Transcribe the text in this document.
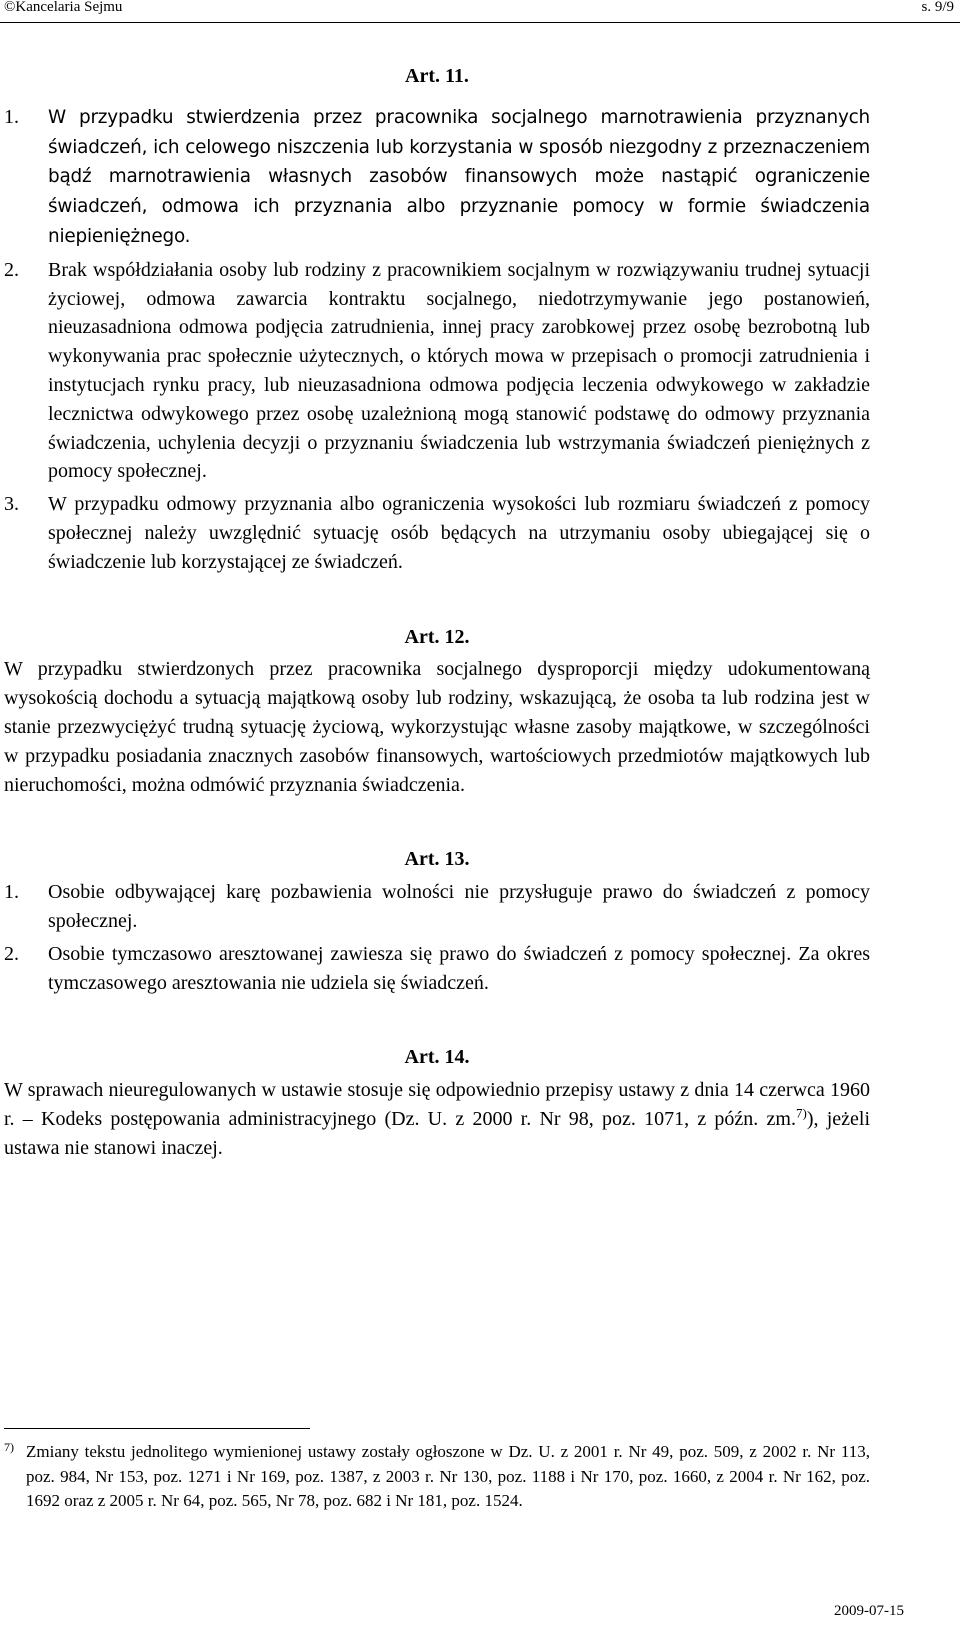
©Kancelaria Sejmu	s. 9/9

Art. 11.

1. W przypadku stwierdzenia przez pracownika socjalnego marnotrawienia przyznanych świadczeń, ich celowego niszczenia lub korzystania w sposób niezgodny z przeznaczeniem bądź marnotrawienia własnych zasobów finansowych może nastąpić ograniczenie świadczeń, odmowa ich przyznania albo przyznanie pomocy w formie świadczenia niepieniężnego.

2. Brak współdziałania osoby lub rodziny z pracownikiem socjalnym w rozwiązywaniu trudnej sytuacji życiowej, odmowa zawarcia kontraktu socjalnego, niedotrzymywanie jego postanowień, nieuzasadniona odmowa podjęcia zatrudnienia, innej pracy zarobkowej przez osobę bezrobotną lub wykonywania prac społecznie użytecznych, o których mowa w przepisach o promocji zatrudnienia i instytucjach rynku pracy, lub nieuzasadniona odmowa podjęcia leczenia odwykowego w zakładzie lecznictwa odwykowego przez osobę uzależnioną mogą stanowić podstawę do odmowy przyznania świadczenia, uchylenia decyzji o przyznaniu świadczenia lub wstrzymania świadczeń pieniężnych z pomocy społecznej.

3. W przypadku odmowy przyznania albo ograniczenia wysokości lub rozmiaru świadczeń z pomocy społecznej należy uwzględnić sytuację osób będących na utrzymaniu osoby ubiegającej się o świadczenie lub korzystającej ze świadczeń.

Art. 12.

W przypadku stwierdzonych przez pracownika socjalnego dysproporcji między udokumentowaną wysokością dochodu a sytuacją majątkową osoby lub rodziny, wskazującą, że osoba ta lub rodzina jest w stanie przezwyciężyć trudną sytuację życiową, wykorzystując własne zasoby majątkowe, w szczególności w przypadku posiadania znacznych zasobów finansowych, wartościowych przedmiotów majątkowych lub nieruchomości, można odmówić przyznania świadczenia.

Art. 13.

1. Osobie odbywającej karę pozbawienia wolności nie przysługuje prawo do świadczeń z pomocy społecznej.

2. Osobie tymczasowo aresztowanej zawiesza się prawo do świadczeń z pomocy społecznej. Za okres tymczasowego aresztowania nie udziela się świadczeń.

Art. 14.

W sprawach nieuregulowanych w ustawie stosuje się odpowiednio przepisy ustawy z dnia 14 czerwca 1960 r. – Kodeks postępowania administracyjnego (Dz. U. z 2000 r. Nr 98, poz. 1071, z późn. zm.$^{7)}$), jeżeli ustawa nie stanowi inaczej.

7) Zmiany tekstu jednolitego wymienionej ustawy zostały ogłoszone w Dz. U. z 2001 r. Nr 49, poz. 509, z 2002 r. Nr 113, poz. 984, Nr 153, poz. 1271 i Nr 169, poz. 1387, z 2003 r. Nr 130, poz. 1188 i Nr 170, poz. 1660, z 2004 r. Nr 162, poz. 1692 oraz z 2005 r. Nr 64, poz. 565, Nr 78, poz. 682 i Nr 181, poz. 1524.
2009-07-15
